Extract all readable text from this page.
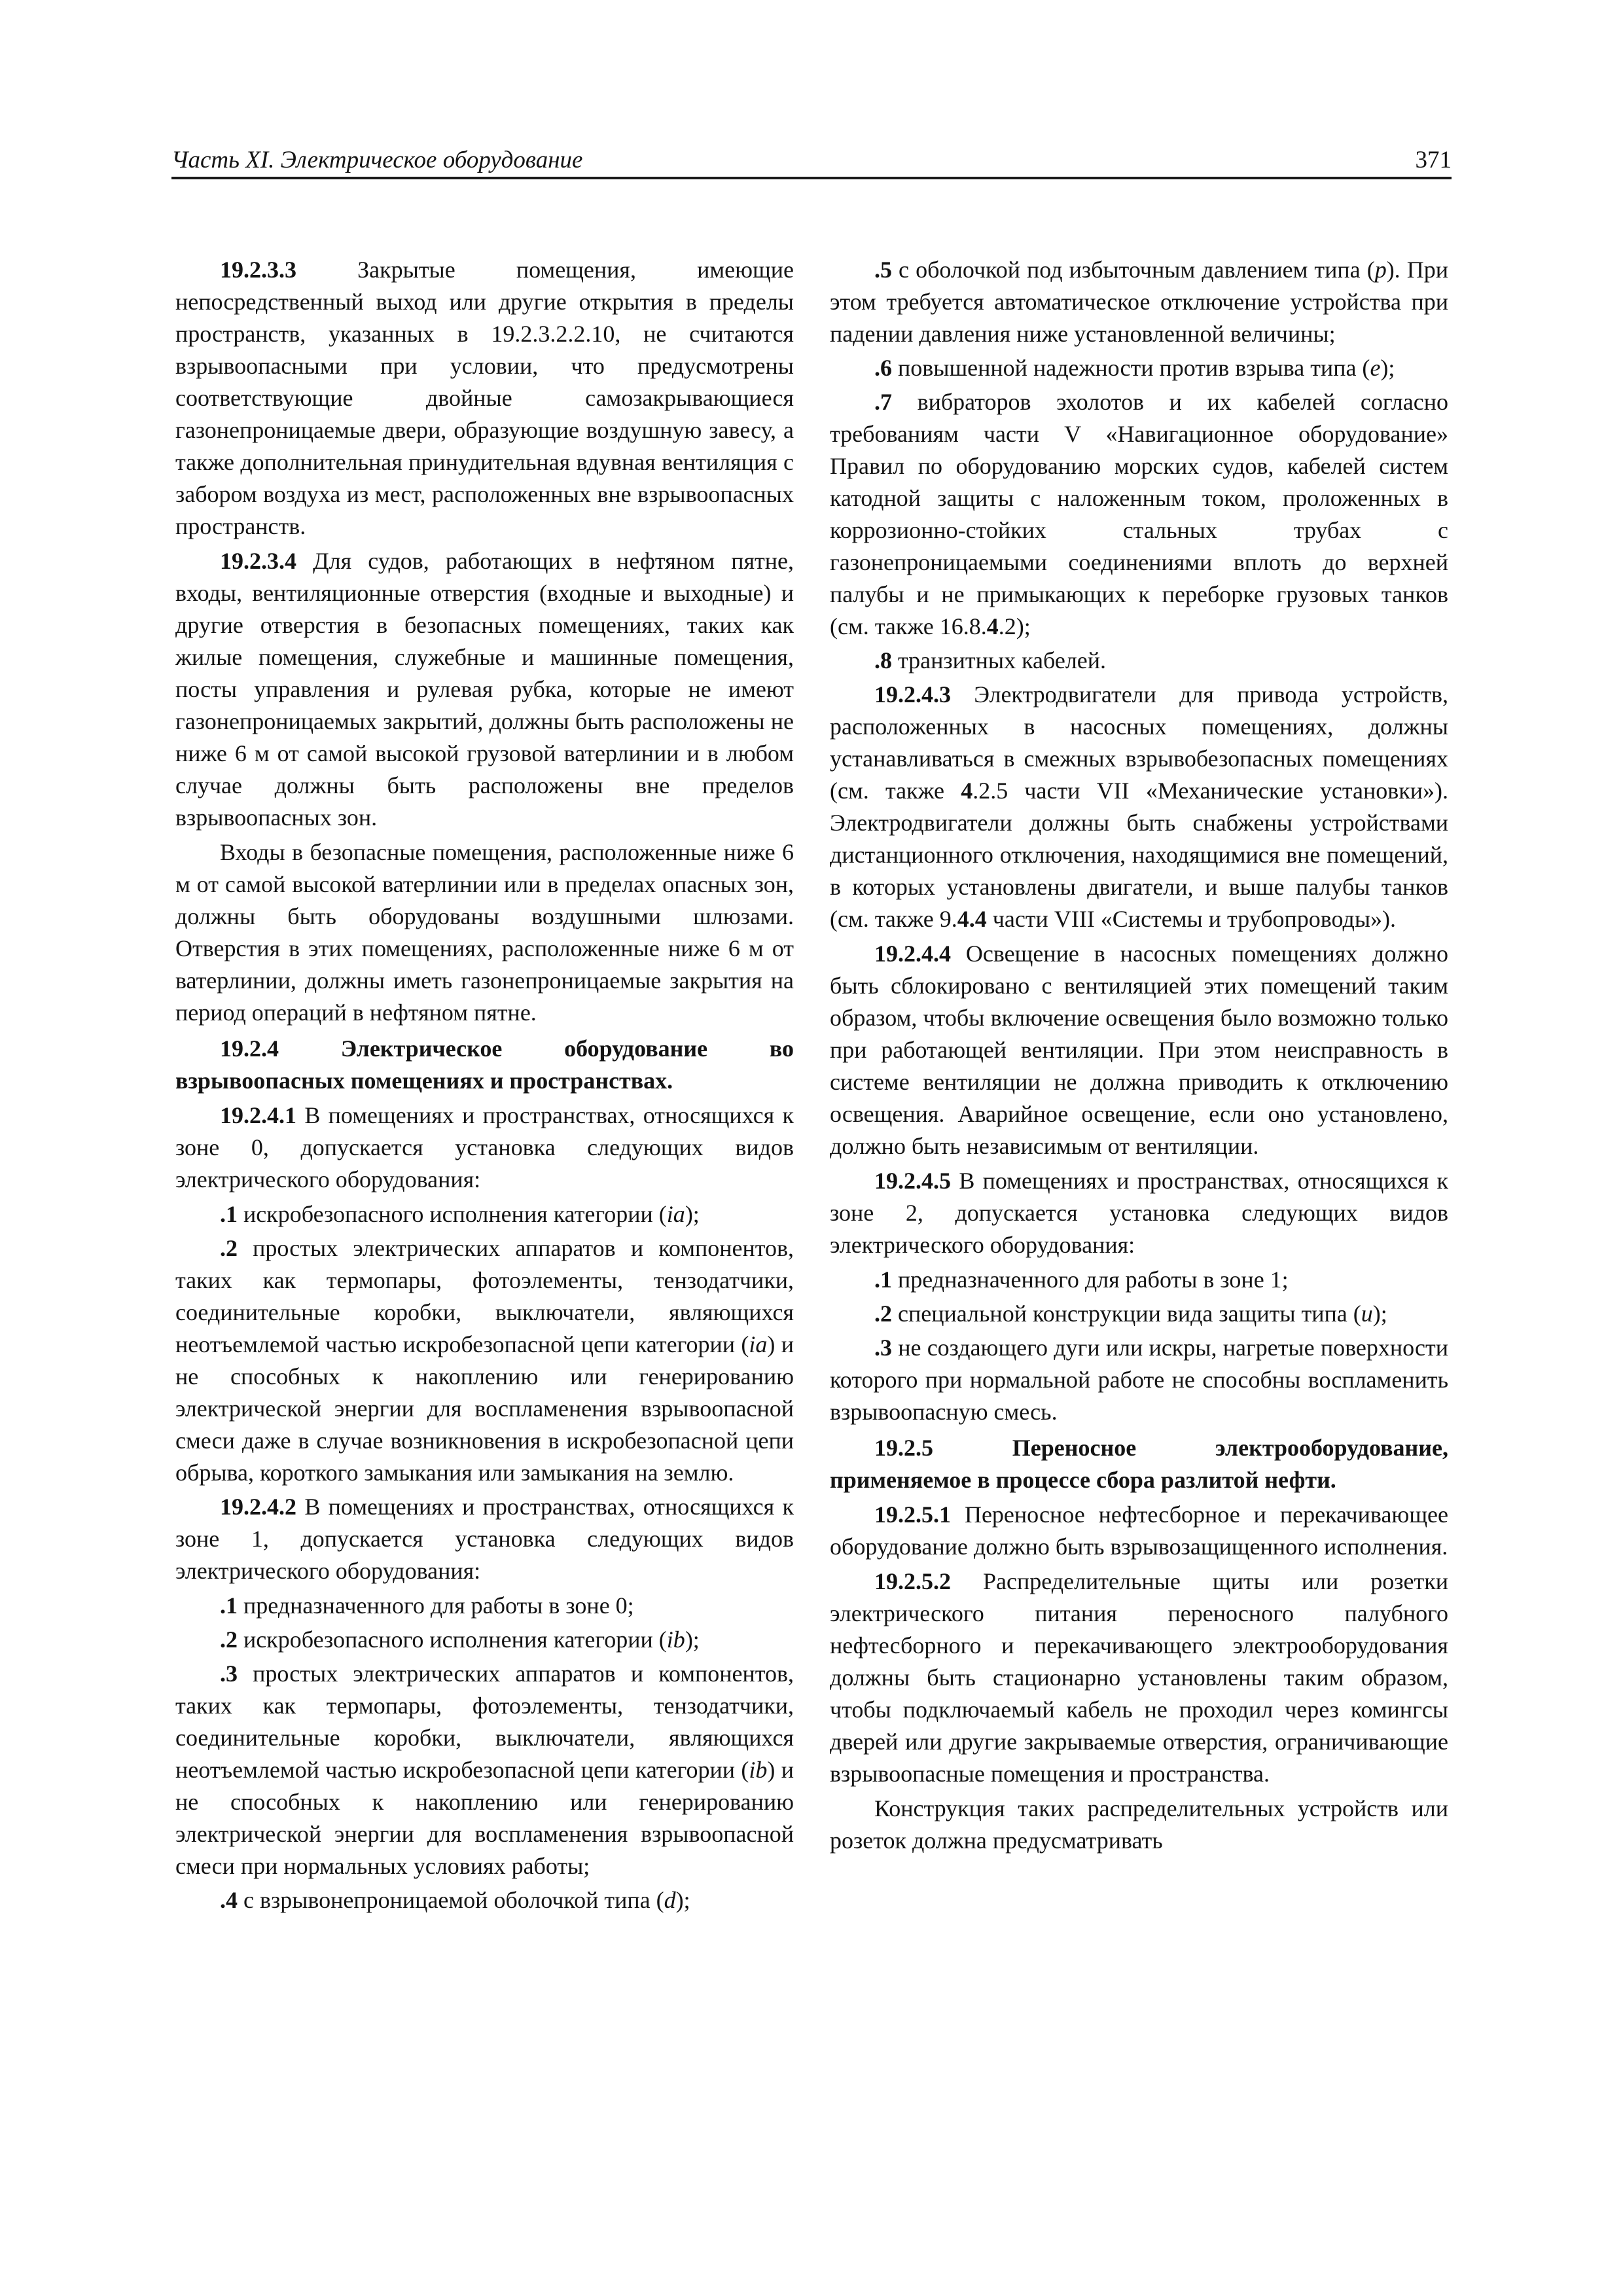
Часть XI. Электрическое оборудование	371

19.2.3.3 Закрытые помещения, имеющие непосредственный выход или другие открытия в пределы пространств, указанных в 19.2.3.2.2.10, не считаются взрывоопасными при условии, что предусмотрены соответствующие двойные самозакрывающиеся газонепроницаемые двери, образующие воздушную завесу, а также дополнительная принудительная вдувная вентиляция с забором воздуха из мест, расположенных вне взрывоопасных пространств.

19.2.3.4 Для судов, работающих в нефтяном пятне, входы, вентиляционные отверстия (входные и выходные) и другие отверстия в безопасных помещениях, таких как жилые помещения, служебные и машинные помещения, посты управления и рулевая рубка, которые не имеют газонепроницаемых закрытий, должны быть расположены не ниже 6 м от самой высокой грузовой ватерлинии и в любом случае должны быть расположены вне пределов взрывоопасных зон.

Входы в безопасные помещения, расположенные ниже 6 м от самой высокой ватерлинии или в пределах опасных зон, должны быть оборудованы воздушными шлюзами. Отверстия в этих помещениях, расположенные ниже 6 м от ватерлинии, должны иметь газонепроницаемые закрытия на период операций в нефтяном пятне.

19.2.4 Электрическое оборудование во взрывоопасных помещениях и пространствах.

19.2.4.1 В помещениях и пространствах, относящихся к зоне 0, допускается установка следующих видов электрического оборудования:

.1 искробезопасного исполнения категории (ia);

.2 простых электрических аппаратов и компонентов, таких как термопары, фотоэлементы, тензодатчики, соединительные коробки, выключатели, являющихся неотъемлемой частью искробезопасной цепи категории (ia) и не способных к накоплению или генерированию электрической энергии для воспламенения взрывоопасной смеси даже в случае возникновения в искробезопасной цепи обрыва, короткого замыкания или замыкания на землю.

19.2.4.2 В помещениях и пространствах, относящихся к зоне 1, допускается установка следующих видов электрического оборудования:

.1 предназначенного для работы в зоне 0;

.2 искробезопасного исполнения категории (ib);

.3 простых электрических аппаратов и компонентов, таких как термопары, фотоэлементы, тензодатчики, соединительные коробки, выключатели, являющихся неотъемлемой частью искробезопасной цепи категории (ib) и не способных к накоплению или генерированию электрической энергии для воспламенения взрывоопасной смеси при нормальных условиях работы;

.4 с взрывонепроницаемой оболочкой типа (d);

.5 с оболочкой под избыточным давлением типа (p). При этом требуется автоматическое отключение устройства при падении давления ниже установленной величины;

.6 повышенной надежности против взрыва типа (e);

.7 вибраторов эхолотов и их кабелей согласно требованиям части V «Навигационное оборудование» Правил по оборудованию морских судов, кабелей систем катодной защиты с наложенным током, проложенных в коррозионно-стойких стальных трубах с газонепроницаемыми соединениями вплоть до верхней палубы и не примыкающих к переборке грузовых танков (см. также 16.8.4.2);

.8 транзитных кабелей.

19.2.4.3 Электродвигатели для привода устройств, расположенных в насосных помещениях, должны устанавливаться в смежных взрывобезопасных помещениях (см. также 4.2.5 части VII «Механические установки»). Электродвигатели должны быть снабжены устройствами дистанционного отключения, находящимися вне помещений, в которых установлены двигатели, и выше палубы танков (см. также 9.4.4 части VIII «Системы и трубопроводы»).

19.2.4.4 Освещение в насосных помещениях должно быть сблокировано с вентиляцией этих помещений таким образом, чтобы включение освещения было возможно только при работающей вентиляции. При этом неисправность в системе вентиляции не должна приводить к отключению освещения. Аварийное освещение, если оно установлено, должно быть независимым от вентиляции.

19.2.4.5 В помещениях и пространствах, относящихся к зоне 2, допускается установка следующих видов электрического оборудования:

.1 предназначенного для работы в зоне 1;

.2 специальной конструкции вида защиты типа (u);

.3 не создающего дуги или искры, нагретые поверхности которого при нормальной работе не способны воспламенить взрывоопасную смесь.

19.2.5 Переносное электрооборудование, применяемое в процессе сбора разлитой нефти.

19.2.5.1 Переносное нефтесборное и перекачивающее оборудование должно быть взрывозащищенного исполнения.

19.2.5.2 Распределительные щиты или розетки электрического питания переносного палубного нефтесборного и перекачивающего электрооборудования должны быть стационарно установлены таким образом, чтобы подключаемый кабель не проходил через комингсы дверей или другие закрываемые отверстия, ограничивающие взрывоопасные помещения и пространства.

Конструкция таких распределительных устройств или розеток должна предусматривать
